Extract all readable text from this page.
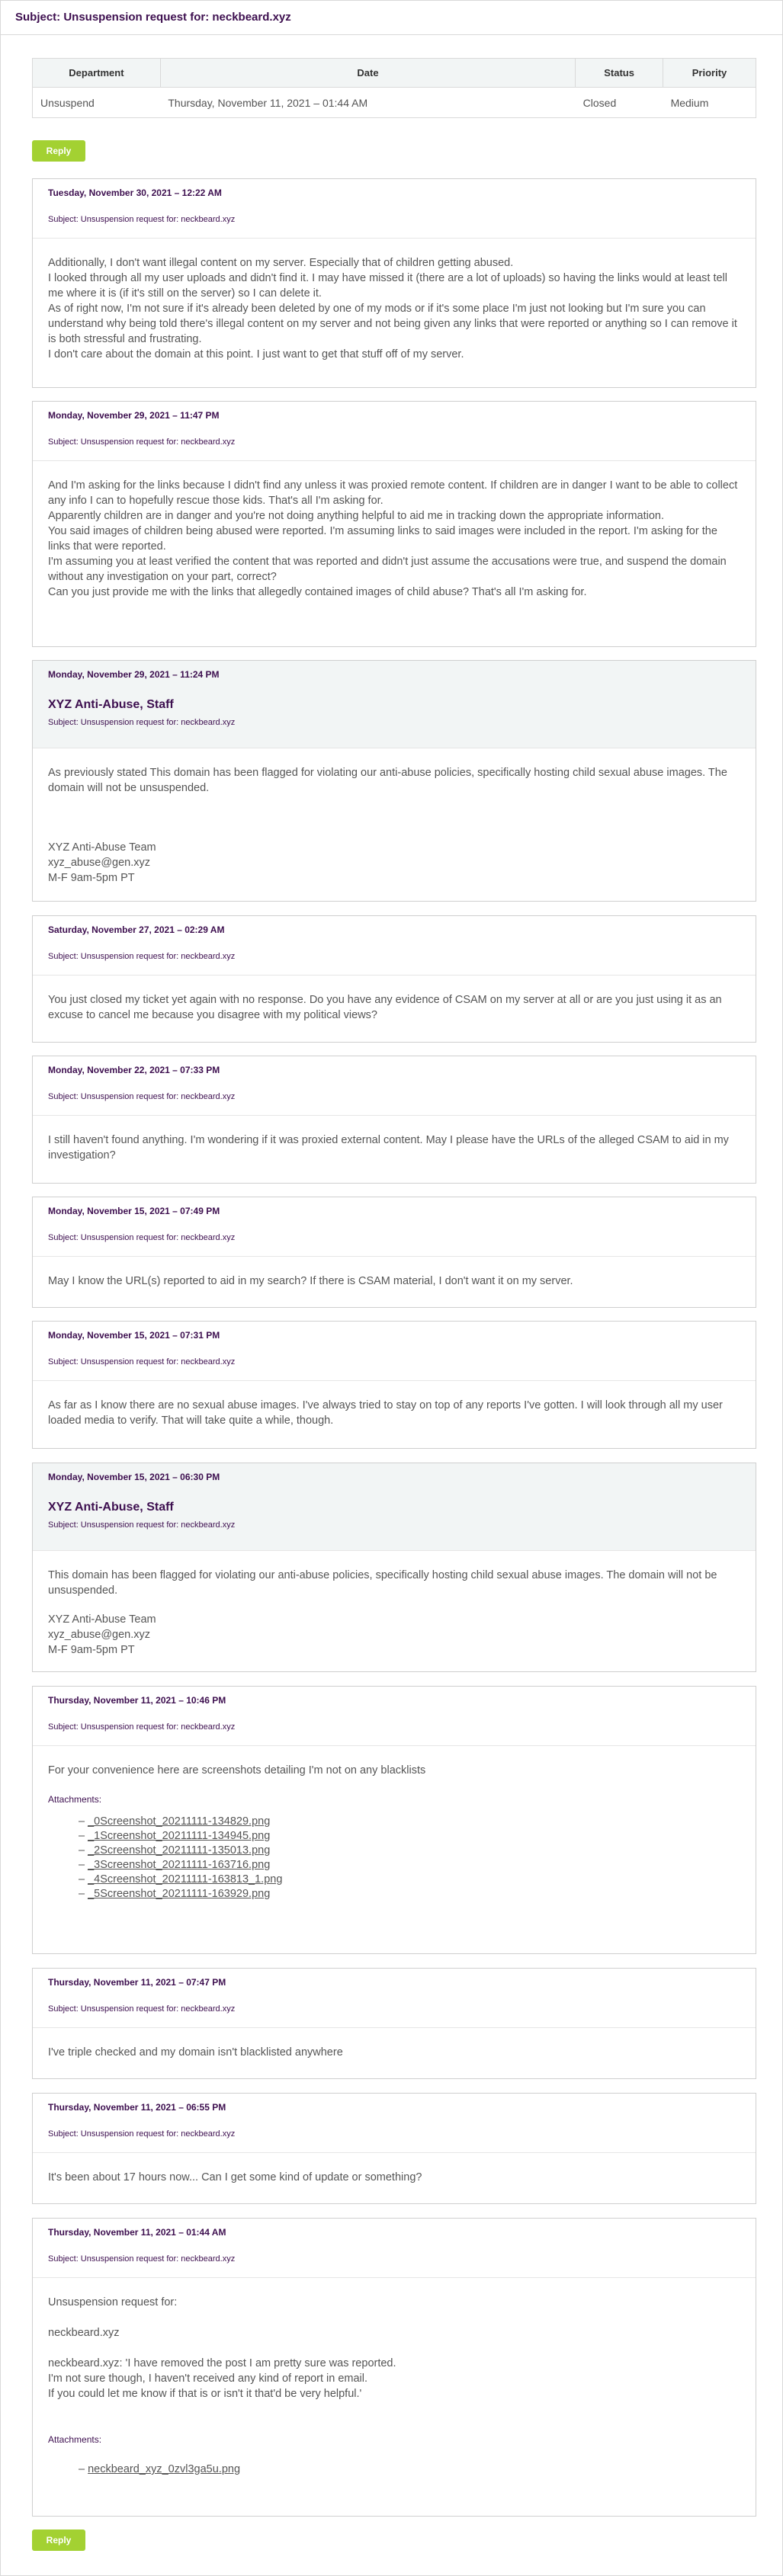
Subject: Unsuspension request for: neckbeard.xyz
Department	Date	Status	Priority
Unsuspend	Thursday, November 11, 2021 – 01:44 AM	Closed	Medium
Reply
Tuesday, November 30, 2021 – 12:22 AM
Subject: Unsuspension request for: neckbeard.xyz

Additionally, I don't want illegal content on my server. Especially that of children getting abused.

I looked through all my user uploads and didn't find it. I may have missed it (there are a lot of uploads) so having the links would at least tell me where it is (if it's still on the server) so I can delete it.

As of right now, I'm not sure if it's already been deleted by one of my mods or if it's some place I'm just not looking but I'm sure you can understand why being told there's illegal content on my server and not being given any links that were reported or anything so I can remove it is both stressful and frustrating.

I don't care about the domain at this point. I just want to get that stuff off of my server.

Monday, November 29, 2021 – 11:47 PM
Subject: Unsuspension request for: neckbeard.xyz

And I'm asking for the links because I didn't find any unless it was proxied remote content. If children are in danger I want to be able to collect any info I can to hopefully rescue those kids. That's all I'm asking for.

Apparently children are in danger and you're not doing anything helpful to aid me in tracking down the appropriate information.

You said images of children being abused were reported. I'm assuming links to said images were included in the report. I'm asking for the links that were reported.

I'm assuming you at least verified the content that was reported and didn't just assume the accusations were true, and suspend the domain without any investigation on your part, correct?

Can you just provide me with the links that allegedly contained images of child abuse? That's all I'm asking for.

Monday, November 29, 2021 – 11:24 PM
XYZ Anti-Abuse, Staff
Subject: Unsuspension request for: neckbeard.xyz

As previously stated This domain has been flagged for violating our anti-abuse policies, specifically hosting child sexual abuse images. The domain will not be unsuspended.

XYZ Anti-Abuse Team

xyz_abuse@gen.xyz

M-F 9am-5pm PT

Saturday, November 27, 2021 – 02:29 AM
Subject: Unsuspension request for: neckbeard.xyz

You just closed my ticket yet again with no response. Do you have any evidence of CSAM on my server at all or are you just using it as an excuse to cancel me because you disagree with my political views?

Monday, November 22, 2021 – 07:33 PM
Subject: Unsuspension request for: neckbeard.xyz

I still haven't found anything. I'm wondering if it was proxied external content. May I please have the URLs of the alleged CSAM to aid in my investigation?

Monday, November 15, 2021 – 07:49 PM
Subject: Unsuspension request for: neckbeard.xyz

May I know the URL(s) reported to aid in my search? If there is CSAM material, I don't want it on my server.

Monday, November 15, 2021 – 07:31 PM
Subject: Unsuspension request for: neckbeard.xyz

As far as I know there are no sexual abuse images. I've always tried to stay on top of any reports I've gotten. I will look through all my user loaded media to verify. That will take quite a while, though.

Monday, November 15, 2021 – 06:30 PM
XYZ Anti-Abuse, Staff
Subject: Unsuspension request for: neckbeard.xyz

This domain has been flagged for violating our anti-abuse policies, specifically hosting child sexual abuse images. The domain will not be unsuspended.

XYZ Anti-Abuse Team

xyz_abuse@gen.xyz

M-F 9am-5pm PT

Thursday, November 11, 2021 – 10:46 PM
Subject: Unsuspension request for: neckbeard.xyz

For your convenience here are screenshots detailing I'm not on any blacklists

Attachments:
– _0Screenshot_20211111-134829.png
– _1Screenshot_20211111-134945.png
– _2Screenshot_20211111-135013.png
– _3Screenshot_20211111-163716.png
– _4Screenshot_20211111-163813_1.png
– _5Screenshot_20211111-163929.png
Thursday, November 11, 2021 – 07:47 PM
Subject: Unsuspension request for: neckbeard.xyz

I've triple checked and my domain isn't blacklisted anywhere

Thursday, November 11, 2021 – 06:55 PM
Subject: Unsuspension request for: neckbeard.xyz

It's been about 17 hours now... Can I get some kind of update or something?

Thursday, November 11, 2021 – 01:44 AM
Subject: Unsuspension request for: neckbeard.xyz

Unsuspension request for:

neckbeard.xyz

neckbeard.xyz: 'I have removed the post I am pretty sure was reported.

I'm not sure though, I haven't received any kind of report in email.

If you could let me know if that is or isn't it that'd be very helpful.'

Attachments:
– neckbeard_xyz_0zvl3ga5u.png
Reply
